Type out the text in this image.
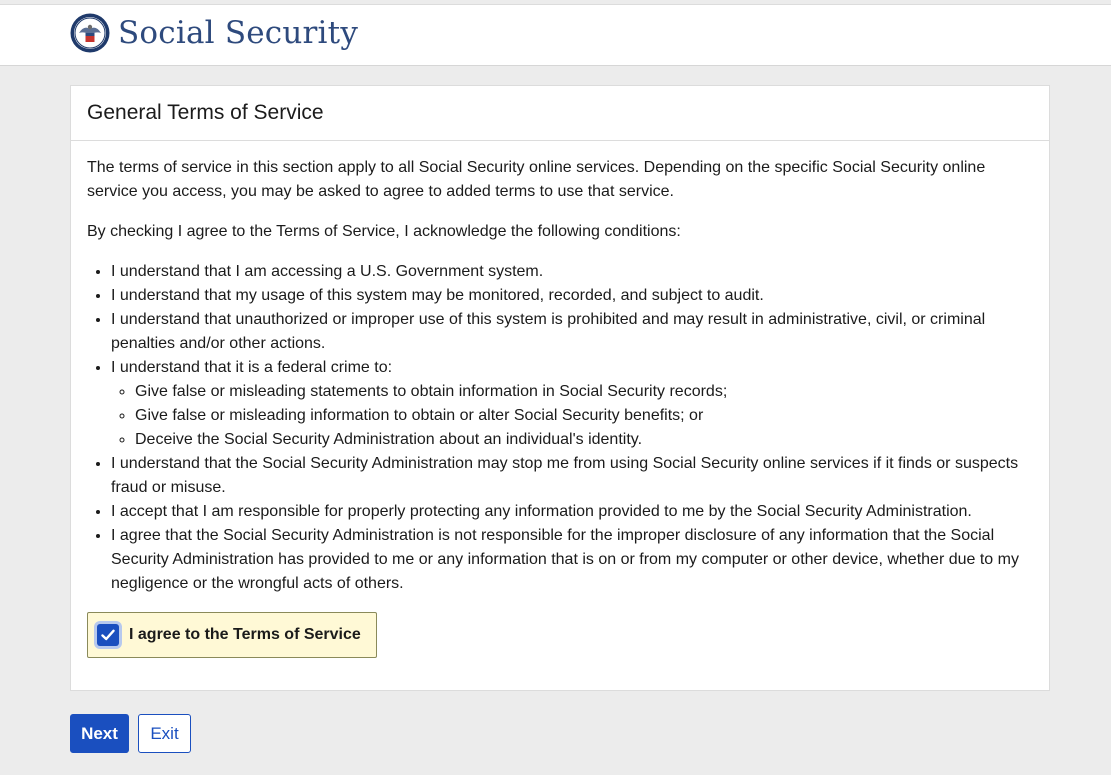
Social Security
General Terms of Service

The terms of service in this section apply to all Social Security online services. Depending on the specific Social Security online service you access, you may be asked to agree to added terms to use that service.

By checking I agree to the Terms of Service, I acknowledge the following conditions:

• I understand that I am accessing a U.S. Government system.
• I understand that my usage of this system may be monitored, recorded, and subject to audit.
• I understand that unauthorized or improper use of this system is prohibited and may result in administrative, civil, or criminal penalties and/or other actions.
• I understand that it is a federal crime to:
◦ Give false or misleading statements to obtain information in Social Security records;
◦ Give false or misleading information to obtain or alter Social Security benefits; or
◦ Deceive the Social Security Administration about an individual's identity.
• I understand that the Social Security Administration may stop me from using Social Security online services if it finds or suspects fraud or misuse.
• I accept that I am responsible for properly protecting any information provided to me by the Social Security Administration.
• I agree that the Social Security Administration is not responsible for the improper disclosure of any information that the Social Security Administration has provided to me or any information that is on or from my computer or other device, whether due to my negligence or the wrongful acts of others.
I agree to the Terms of Service
Next	Exit
